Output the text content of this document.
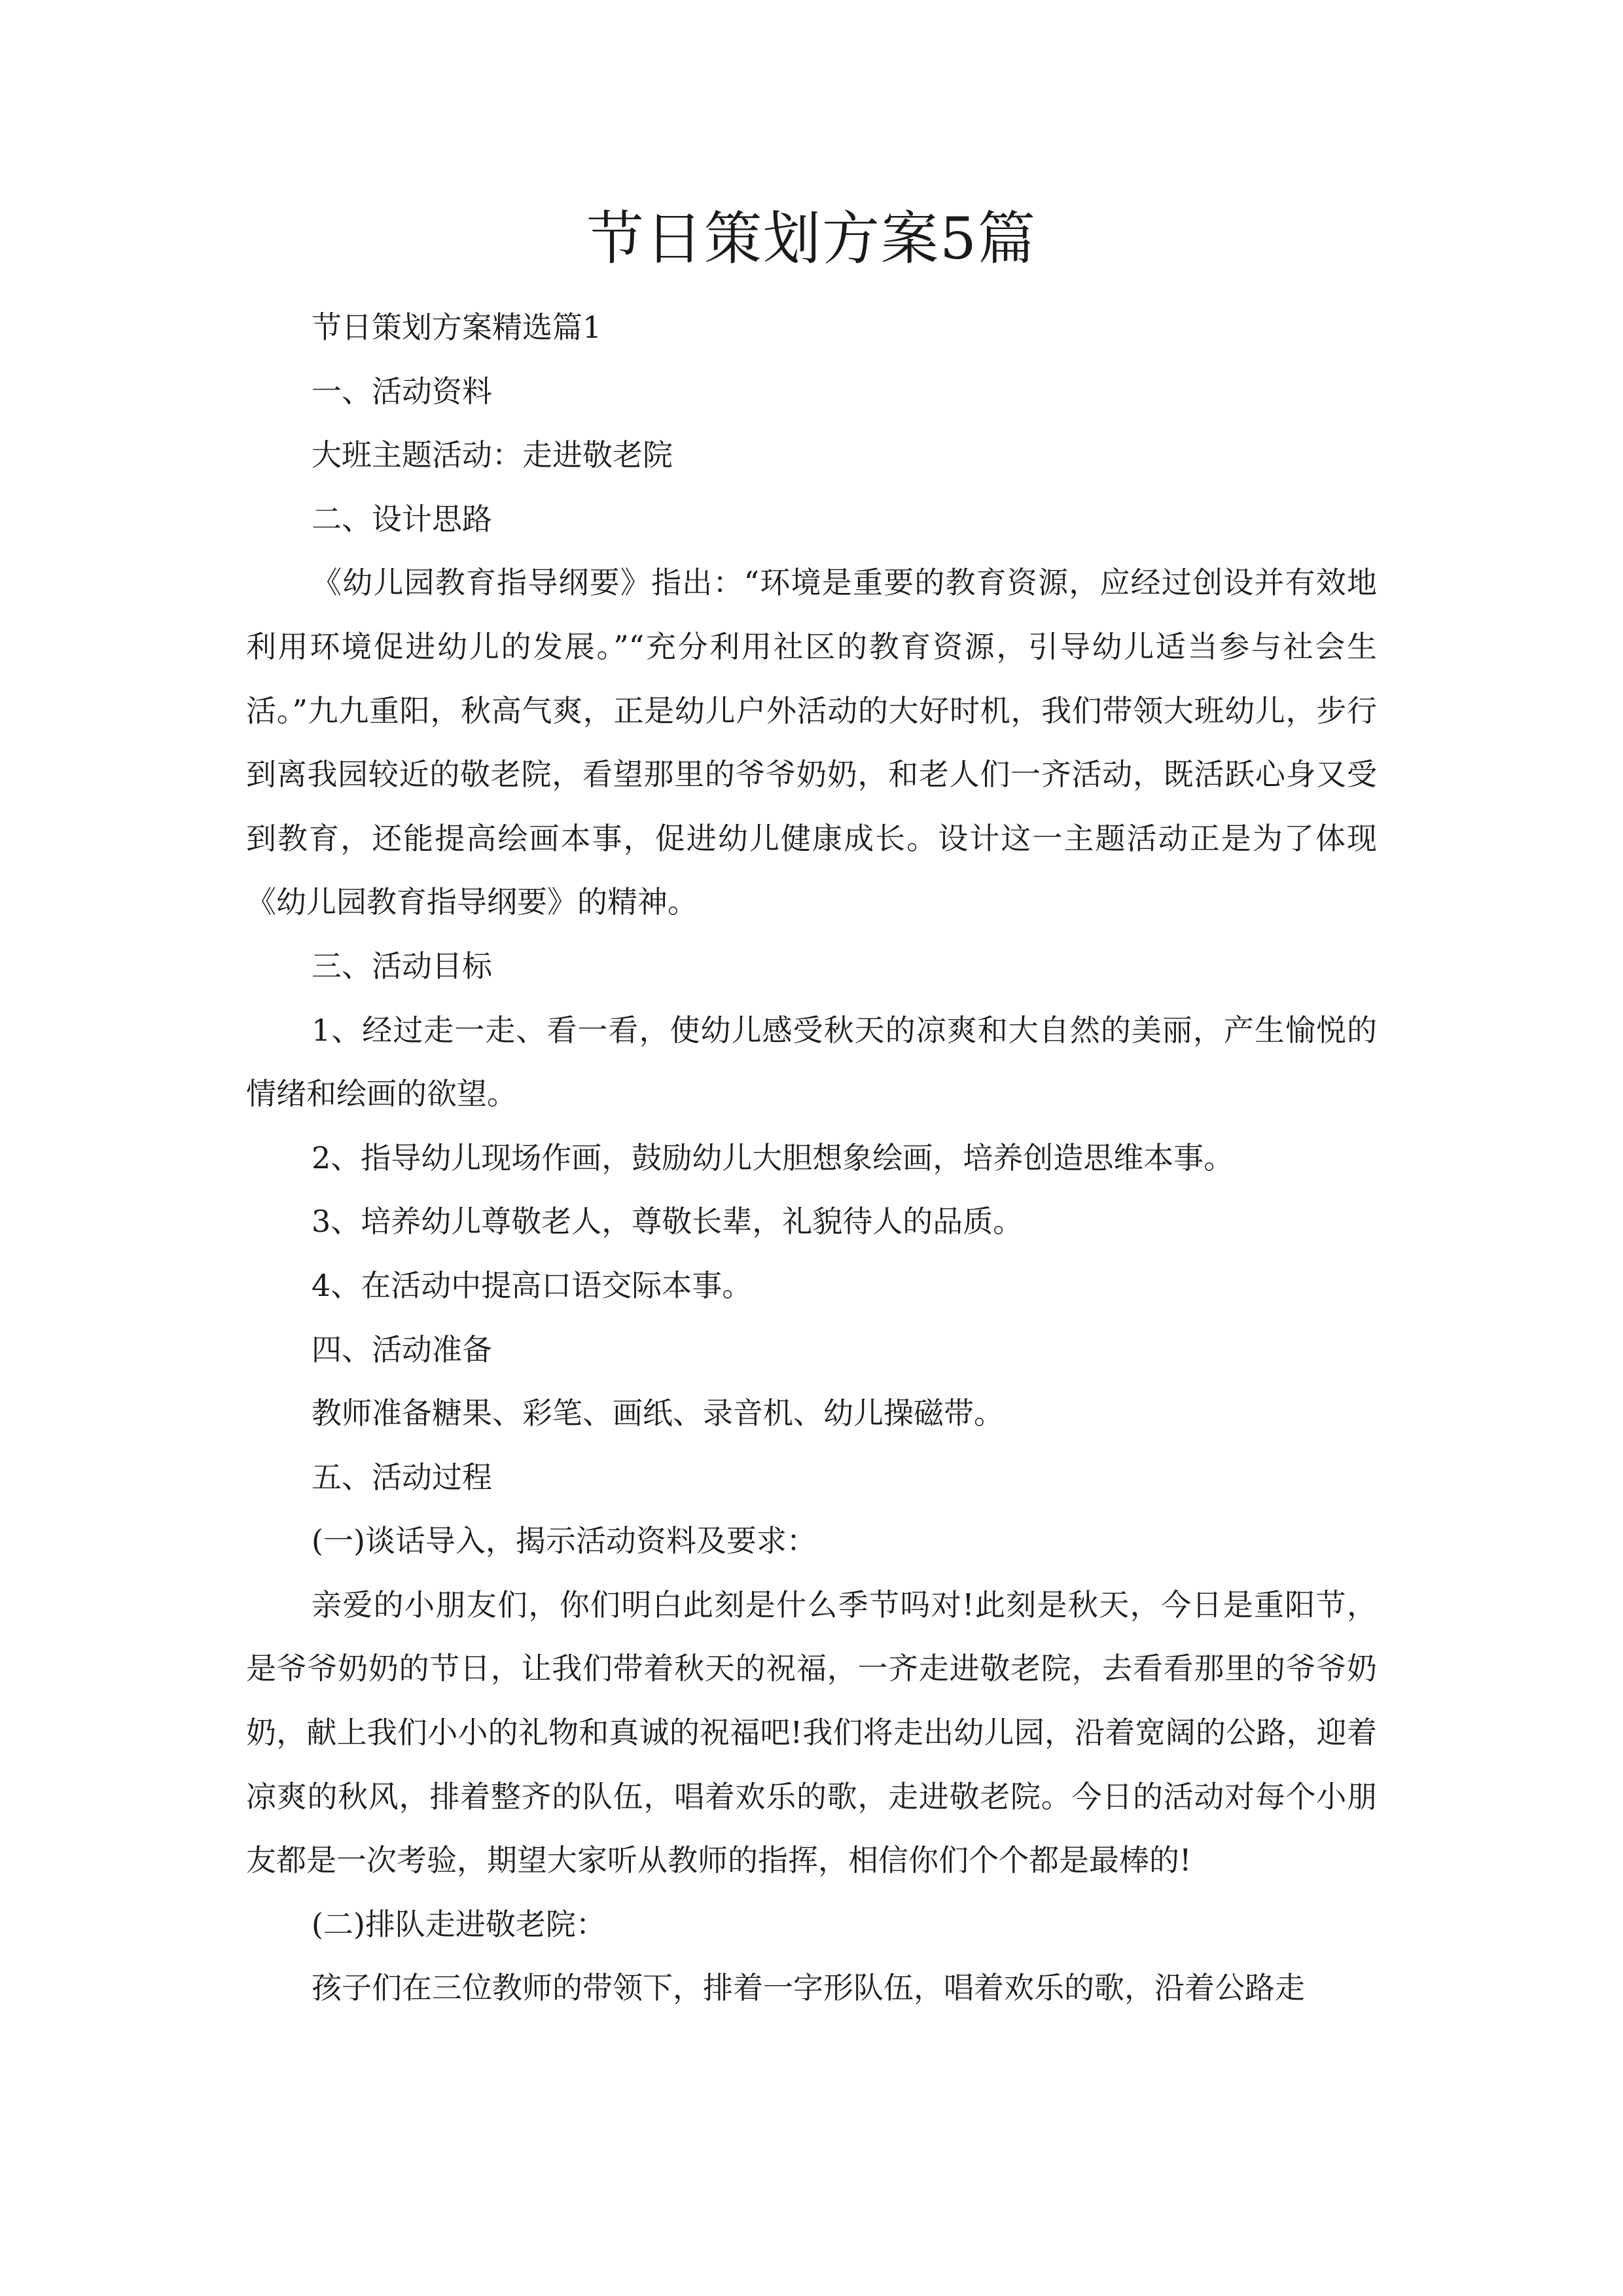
节日策划方案5篇

节日策划方案精选篇1

一、活动资料

大班主题活动：走进敬老院

二、设计思路

《幼儿园教育指导纲要》指出：“环境是重要的教育资源，应经过创设并有效地利用环境促进幼儿的发展。”“充分利用社区的教育资源，引导幼儿适当参与社会生活。”九九重阳，秋高气爽，正是幼儿户外活动的大好时机，我们带领大班幼儿，步行到离我园较近的敬老院，看望那里的爷爷奶奶，和老人们一齐活动，既活跃心身又受到教育，还能提高绘画本事，促进幼儿健康成长。设计这一主题活动正是为了体现《幼儿园教育指导纲要》的精神。

三、活动目标

1、经过走一走、看一看，使幼儿感受秋天的凉爽和大自然的美丽，产生愉悦的情绪和绘画的欲望。

2、指导幼儿现场作画，鼓励幼儿大胆想象绘画，培养创造思维本事。

3、培养幼儿尊敬老人，尊敬长辈，礼貌待人的品质。

4、在活动中提高口语交际本事。

四、活动准备

教师准备糖果、彩笔、画纸、录音机、幼儿操磁带。

五、活动过程

(一)谈话导入，揭示活动资料及要求：

亲爱的小朋友们，你们明白此刻是什么季节吗对!此刻是秋天，今日是重阳节，是爷爷奶奶的节日，让我们带着秋天的祝福，一齐走进敬老院，去看看那里的爷爷奶奶，献上我们小小的礼物和真诚的祝福吧!我们将走出幼儿园，沿着宽阔的公路，迎着凉爽的秋风，排着整齐的队伍，唱着欢乐的歌，走进敬老院。今日的活动对每个小朋友都是一次考验，期望大家听从教师的指挥，相信你们个个都是最棒的!

(二)排队走进敬老院：

孩子们在三位教师的带领下，排着一字形队伍，唱着欢乐的歌，沿着公路走
